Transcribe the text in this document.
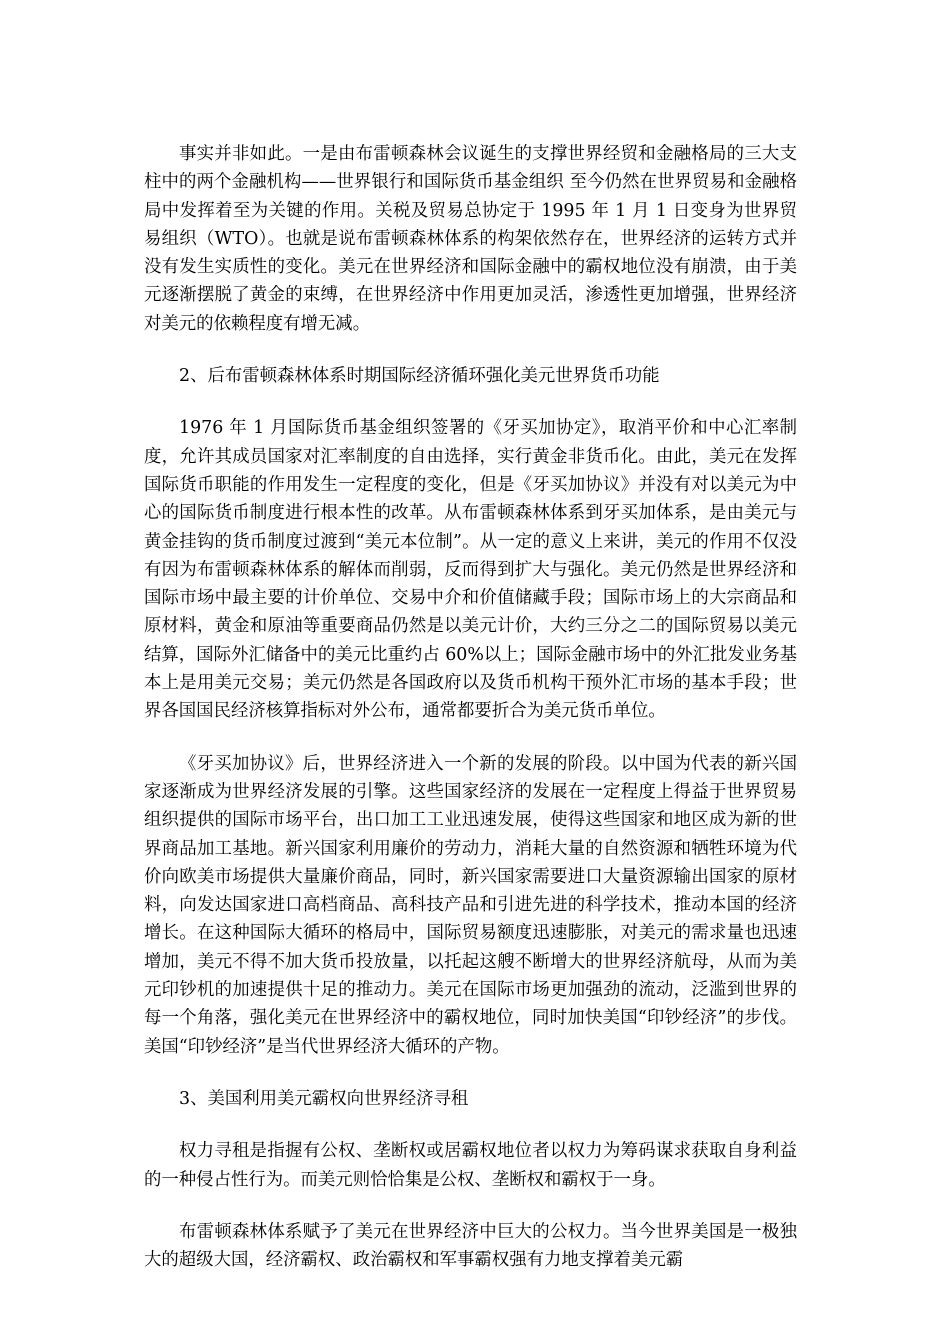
事实并非如此。一是由布雷顿森林会议诞生的支撑世界经贸和金融格局的三大支柱中的两个金融机构——世界银行和国际货币基金组织 至今仍然在世界贸易和金融格局中发挥着至为关键的作用。关税及贸易总协定于 1995 年 1 月 1 日变身为世界贸易组织（WTO）。也就是说布雷顿森林体系的构架依然存在，世界经济的运转方式并没有发生实质性的变化。美元在世界经济和国际金融中的霸权地位没有崩溃，由于美元逐渐摆脱了黄金的束缚，在世界经济中作用更加灵活，渗透性更加增强，世界经济对美元的依赖程度有增无减。

2、后布雷顿森林体系时期国际经济循环强化美元世界货币功能

1976 年 1 月国际货币基金组织签署的《牙买加协定》，取消平价和中心汇率制度，允许其成员国家对汇率制度的自由选择，实行黄金非货币化。由此，美元在发挥国际货币职能的作用发生一定程度的变化，但是《牙买加协议》并没有对以美元为中心的国际货币制度进行根本性的改革。从布雷顿森林体系到牙买加体系，是由美元与黄金挂钩的货币制度过渡到“美元本位制”。从一定的意义上来讲，美元的作用不仅没有因为布雷顿森林体系的解体而削弱，反而得到扩大与强化。美元仍然是世界经济和国际市场中最主要的计价单位、交易中介和价值储藏手段；国际市场上的大宗商品和原材料，黄金和原油等重要商品仍然是以美元计价，大约三分之二的国际贸易以美元结算，国际外汇储备中的美元比重约占 60%以上；国际金融市场中的外汇批发业务基本上是用美元交易；美元仍然是各国政府以及货币机构干预外汇市场的基本手段；世界各国国民经济核算指标对外公布，通常都要折合为美元货币单位。

《牙买加协议》后，世界经济进入一个新的发展的阶段。以中国为代表的新兴国家逐渐成为世界经济发展的引擎。这些国家经济的发展在一定程度上得益于世界贸易组织提供的国际市场平台，出口加工工业迅速发展，使得这些国家和地区成为新的世界商品加工基地。新兴国家利用廉价的劳动力，消耗大量的自然资源和牺牲环境为代价向欧美市场提供大量廉价商品，同时，新兴国家需要进口大量资源输出国家的原材料，向发达国家进口高档商品、高科技产品和引进先进的科学技术，推动本国的经济增长。在这种国际大循环的格局中，国际贸易额度迅速膨胀，对美元的需求量也迅速增加，美元不得不加大货币投放量，以托起这艘不断增大的世界经济航母，从而为美元印钞机的加速提供十足的推动力。美元在国际市场更加强劲的流动，泛滥到世界的每一个角落，强化美元在世界经济中的霸权地位，同时加快美国“印钞经济”的步伐。美国“印钞经济”是当代世界经济大循环的产物。

3、美国利用美元霸权向世界经济寻租

权力寻租是指握有公权、垄断权或居霸权地位者以权力为筹码谋求获取自身利益的一种侵占性行为。而美元则恰恰集是公权、垄断权和霸权于一身。

布雷顿森林体系赋予了美元在世界经济中巨大的公权力。当今世界美国是一极独大的超级大国，经济霸权、政治霸权和军事霸权强有力地支撑着美元霸
